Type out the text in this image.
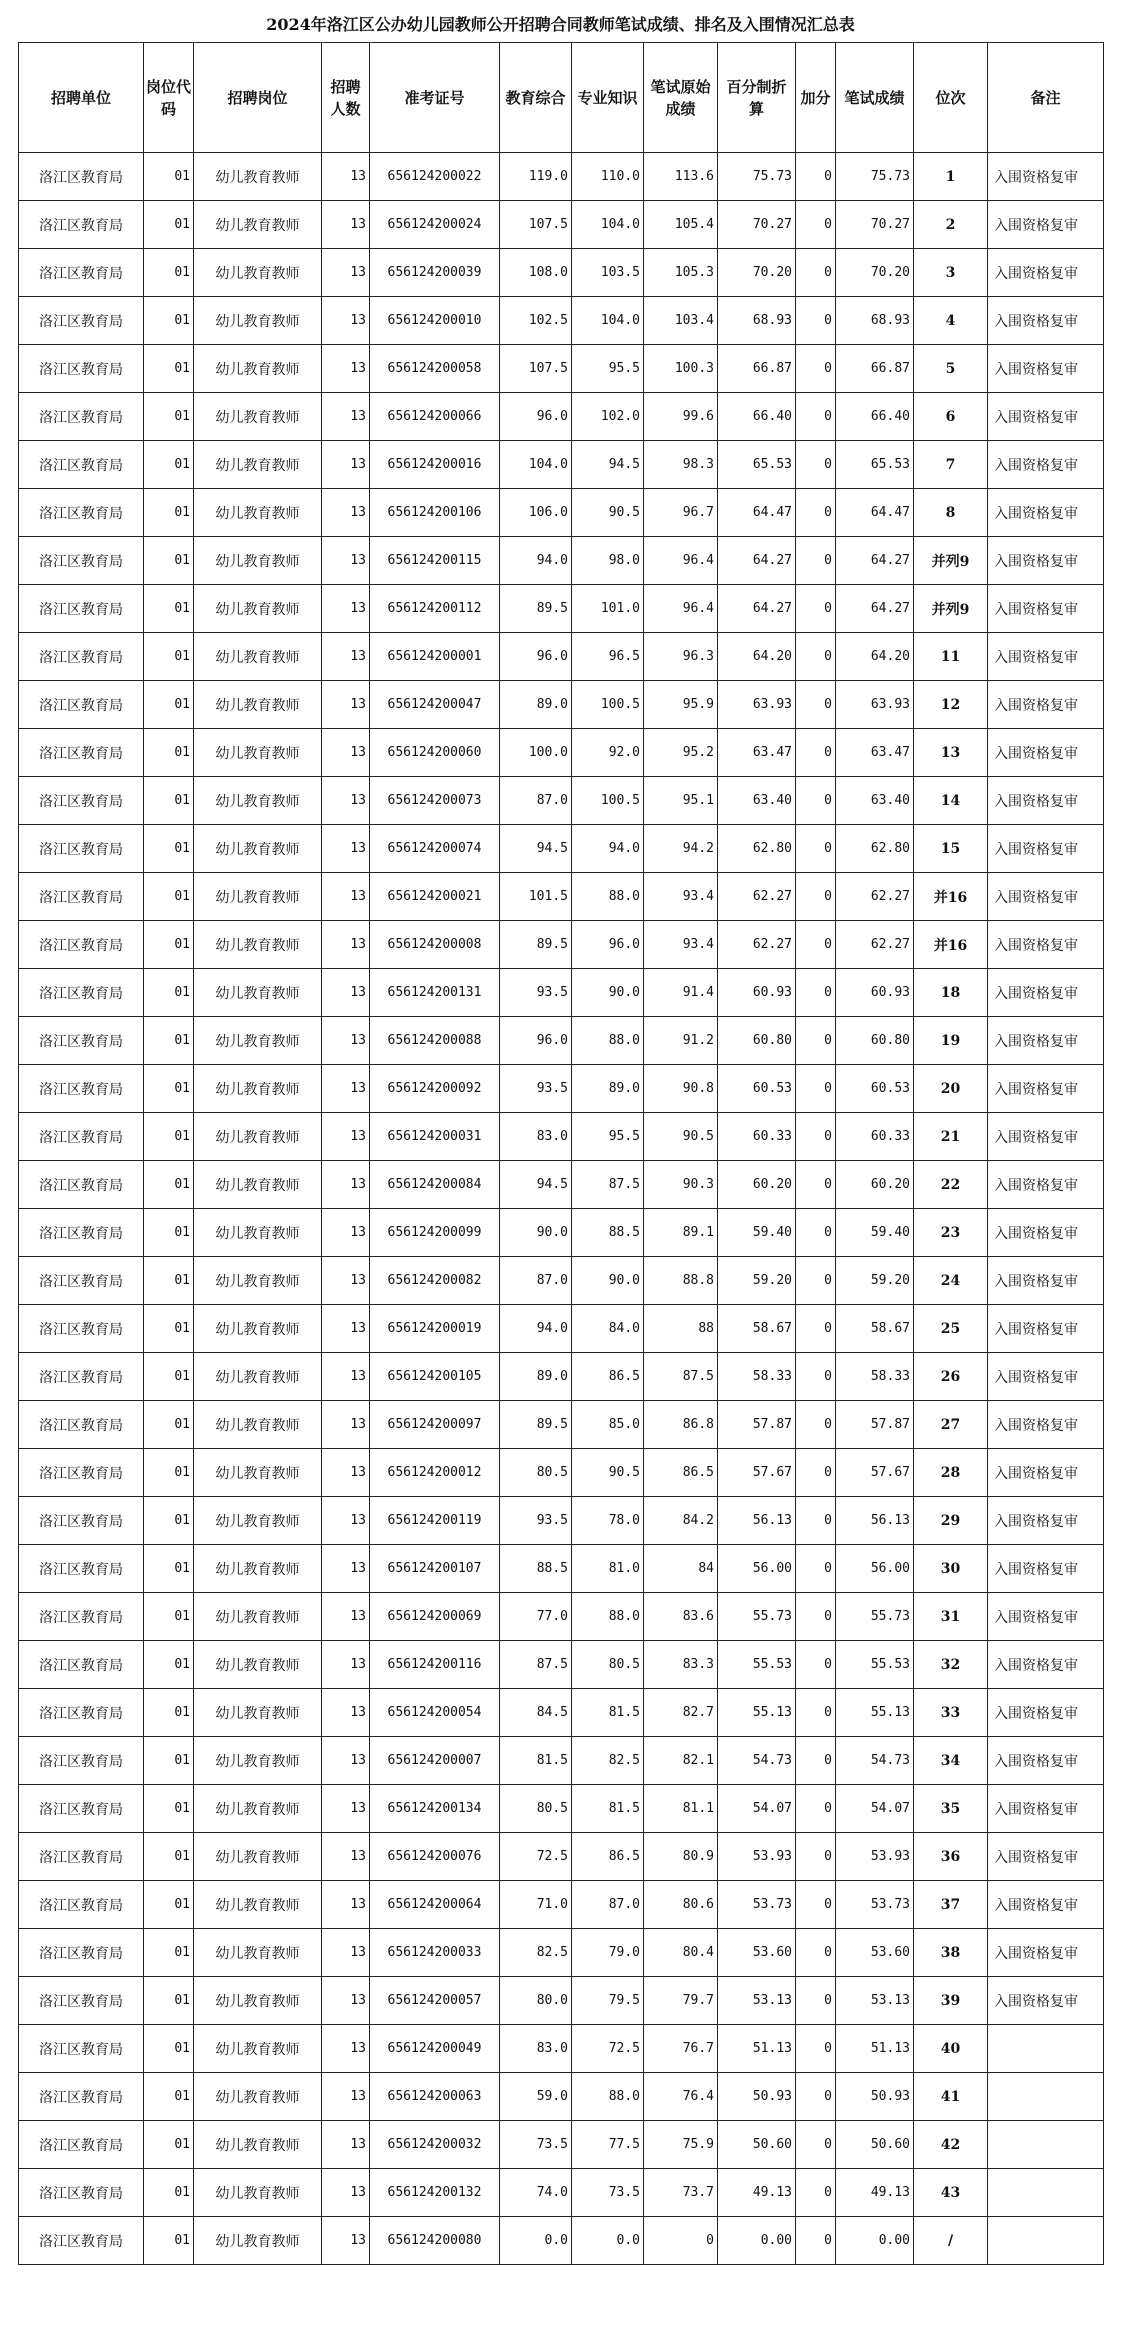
2024年洛江区公办幼儿园教师公开招聘合同教师笔试成绩、排名及入围情况汇总表
招聘单位	岗位代码	招聘岗位	招聘人数	准考证号	教育综合	专业知识	笔试原始成绩	百分制折算	加分	笔试成绩	位次	备注
洛江区教育局	01	幼儿教育教师	13	656124200022	119.0	110.0	113.6	75.73	0	75.73	1	入围资格复审
洛江区教育局	01	幼儿教育教师	13	656124200024	107.5	104.0	105.4	70.27	0	70.27	2	入围资格复审
洛江区教育局	01	幼儿教育教师	13	656124200039	108.0	103.5	105.3	70.20	0	70.20	3	入围资格复审
洛江区教育局	01	幼儿教育教师	13	656124200010	102.5	104.0	103.4	68.93	0	68.93	4	入围资格复审
洛江区教育局	01	幼儿教育教师	13	656124200058	107.5	95.5	100.3	66.87	0	66.87	5	入围资格复审
洛江区教育局	01	幼儿教育教师	13	656124200066	96.0	102.0	99.6	66.40	0	66.40	6	入围资格复审
洛江区教育局	01	幼儿教育教师	13	656124200016	104.0	94.5	98.3	65.53	0	65.53	7	入围资格复审
洛江区教育局	01	幼儿教育教师	13	656124200106	106.0	90.5	96.7	64.47	0	64.47	8	入围资格复审
洛江区教育局	01	幼儿教育教师	13	656124200115	94.0	98.0	96.4	64.27	0	64.27	并列9	入围资格复审
洛江区教育局	01	幼儿教育教师	13	656124200112	89.5	101.0	96.4	64.27	0	64.27	并列9	入围资格复审
洛江区教育局	01	幼儿教育教师	13	656124200001	96.0	96.5	96.3	64.20	0	64.20	11	入围资格复审
洛江区教育局	01	幼儿教育教师	13	656124200047	89.0	100.5	95.9	63.93	0	63.93	12	入围资格复审
洛江区教育局	01	幼儿教育教师	13	656124200060	100.0	92.0	95.2	63.47	0	63.47	13	入围资格复审
洛江区教育局	01	幼儿教育教师	13	656124200073	87.0	100.5	95.1	63.40	0	63.40	14	入围资格复审
洛江区教育局	01	幼儿教育教师	13	656124200074	94.5	94.0	94.2	62.80	0	62.80	15	入围资格复审
洛江区教育局	01	幼儿教育教师	13	656124200021	101.5	88.0	93.4	62.27	0	62.27	并16	入围资格复审
洛江区教育局	01	幼儿教育教师	13	656124200008	89.5	96.0	93.4	62.27	0	62.27	并16	入围资格复审
洛江区教育局	01	幼儿教育教师	13	656124200131	93.5	90.0	91.4	60.93	0	60.93	18	入围资格复审
洛江区教育局	01	幼儿教育教师	13	656124200088	96.0	88.0	91.2	60.80	0	60.80	19	入围资格复审
洛江区教育局	01	幼儿教育教师	13	656124200092	93.5	89.0	90.8	60.53	0	60.53	20	入围资格复审
洛江区教育局	01	幼儿教育教师	13	656124200031	83.0	95.5	90.5	60.33	0	60.33	21	入围资格复审
洛江区教育局	01	幼儿教育教师	13	656124200084	94.5	87.5	90.3	60.20	0	60.20	22	入围资格复审
洛江区教育局	01	幼儿教育教师	13	656124200099	90.0	88.5	89.1	59.40	0	59.40	23	入围资格复审
洛江区教育局	01	幼儿教育教师	13	656124200082	87.0	90.0	88.8	59.20	0	59.20	24	入围资格复审
洛江区教育局	01	幼儿教育教师	13	656124200019	94.0	84.0	88	58.67	0	58.67	25	入围资格复审
洛江区教育局	01	幼儿教育教师	13	656124200105	89.0	86.5	87.5	58.33	0	58.33	26	入围资格复审
洛江区教育局	01	幼儿教育教师	13	656124200097	89.5	85.0	86.8	57.87	0	57.87	27	入围资格复审
洛江区教育局	01	幼儿教育教师	13	656124200012	80.5	90.5	86.5	57.67	0	57.67	28	入围资格复审
洛江区教育局	01	幼儿教育教师	13	656124200119	93.5	78.0	84.2	56.13	0	56.13	29	入围资格复审
洛江区教育局	01	幼儿教育教师	13	656124200107	88.5	81.0	84	56.00	0	56.00	30	入围资格复审
洛江区教育局	01	幼儿教育教师	13	656124200069	77.0	88.0	83.6	55.73	0	55.73	31	入围资格复审
洛江区教育局	01	幼儿教育教师	13	656124200116	87.5	80.5	83.3	55.53	0	55.53	32	入围资格复审
洛江区教育局	01	幼儿教育教师	13	656124200054	84.5	81.5	82.7	55.13	0	55.13	33	入围资格复审
洛江区教育局	01	幼儿教育教师	13	656124200007	81.5	82.5	82.1	54.73	0	54.73	34	入围资格复审
洛江区教育局	01	幼儿教育教师	13	656124200134	80.5	81.5	81.1	54.07	0	54.07	35	入围资格复审
洛江区教育局	01	幼儿教育教师	13	656124200076	72.5	86.5	80.9	53.93	0	53.93	36	入围资格复审
洛江区教育局	01	幼儿教育教师	13	656124200064	71.0	87.0	80.6	53.73	0	53.73	37	入围资格复审
洛江区教育局	01	幼儿教育教师	13	656124200033	82.5	79.0	80.4	53.60	0	53.60	38	入围资格复审
洛江区教育局	01	幼儿教育教师	13	656124200057	80.0	79.5	79.7	53.13	0	53.13	39	入围资格复审
洛江区教育局	01	幼儿教育教师	13	656124200049	83.0	72.5	76.7	51.13	0	51.13	40	
洛江区教育局	01	幼儿教育教师	13	656124200063	59.0	88.0	76.4	50.93	0	50.93	41	
洛江区教育局	01	幼儿教育教师	13	656124200032	73.5	77.5	75.9	50.60	0	50.60	42	
洛江区教育局	01	幼儿教育教师	13	656124200132	74.0	73.5	73.7	49.13	0	49.13	43	
洛江区教育局	01	幼儿教育教师	13	656124200080	0.0	0.0	0	0.00	0	0.00	/	
